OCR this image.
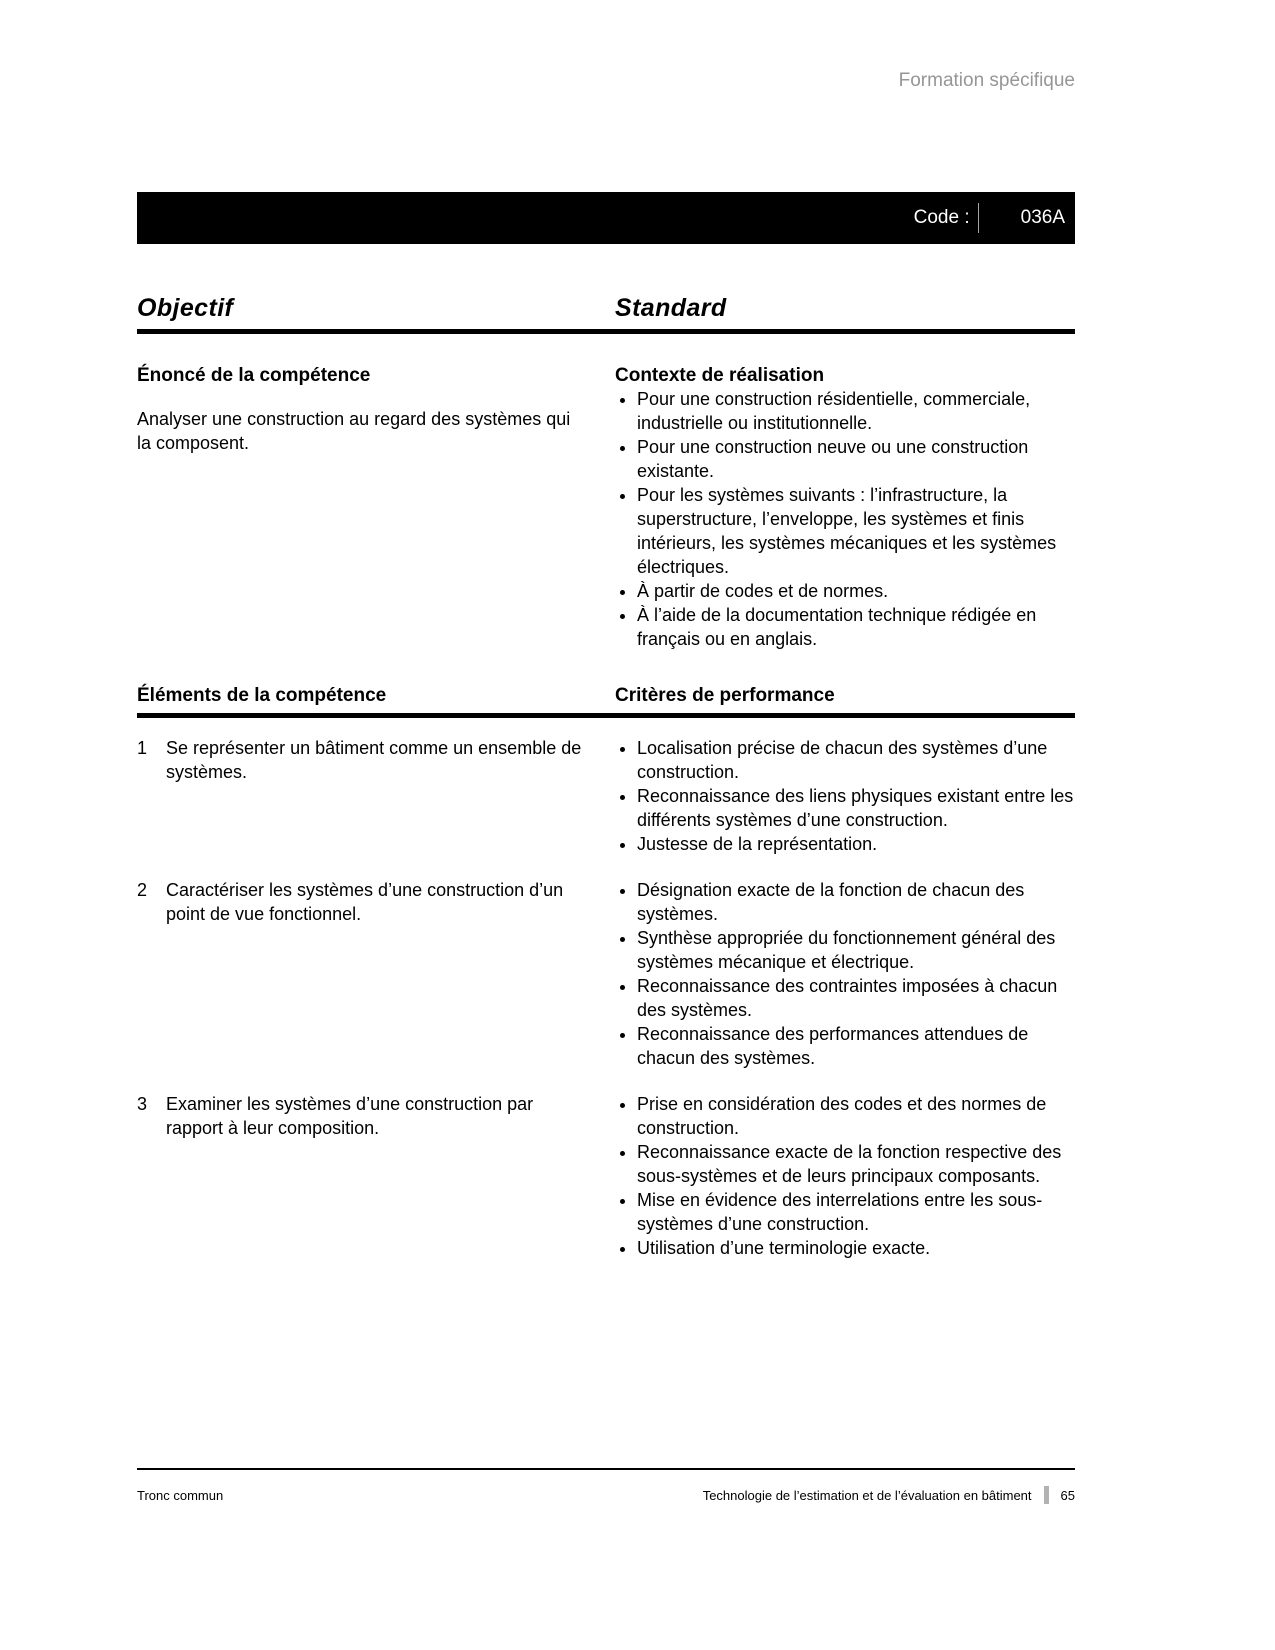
Formation spécifique
Code :	036A
Objectif	Standard
Énoncé de la compétence
Analyser une construction au regard des systèmes qui la composent.
Contexte de réalisation
• Pour une construction résidentielle, commerciale, industrielle ou institutionnelle.
• Pour une construction neuve ou une construction existante.
• Pour les systèmes suivants : l’infrastructure, la superstructure, l’enveloppe, les systèmes et finis intérieurs, les systèmes mécaniques et les systèmes électriques.
• À partir de codes et de normes.
• À l’aide de la documentation technique rédigée en français ou en anglais.
Éléments de la compétence	Critères de performance
1	Se représenter un bâtiment comme un ensemble de systèmes.
• Localisation précise de chacun des systèmes d’une construction.
• Reconnaissance des liens physiques existant entre les différents systèmes d’une construction.
• Justesse de la représentation.
2	Caractériser les systèmes d’une construction d’un point de vue fonctionnel.
• Désignation exacte de la fonction de chacun des systèmes.
• Synthèse appropriée du fonctionnement général des systèmes mécanique et électrique.
• Reconnaissance des contraintes imposées à chacun des systèmes.
• Reconnaissance des performances attendues de chacun des systèmes.
3	Examiner les systèmes d’une construction par rapport à leur composition.
• Prise en considération des codes et des normes de construction.
• Reconnaissance exacte de la fonction respective des sous-systèmes et de leurs principaux composants.
• Mise en évidence des interrelations entre les sous-systèmes d’une construction.
• Utilisation d’une terminologie exacte.
Tronc commun	Technologie de l’estimation et de l’évaluation en bâtiment 65
